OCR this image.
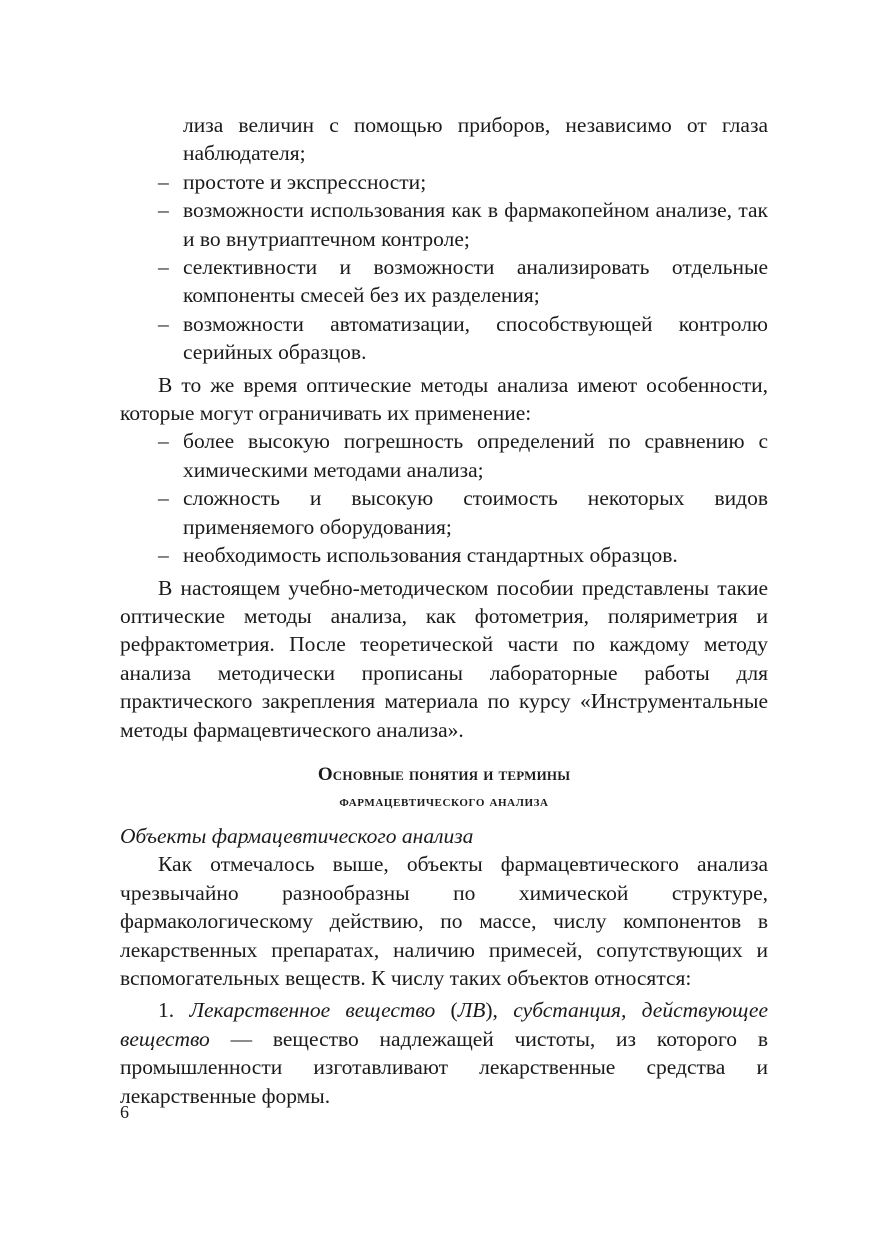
лиза величин с помощью приборов, независимо от глаза наблюдателя;
– простоте и экспрессности;
– возможности использования как в фармакопейном анализе, так и во внутриаптечном контроле;
– селективности и возможности анализировать отдельные компоненты смесей без их разделения;
– возможности автоматизации, способствующей контролю серийных образцов.

В то же время оптические методы анализа имеют особенности, которые могут ограничивать их применение:

– более высокую погрешность определений по сравнению с химическими методами анализа;
– сложность и высокую стоимость некоторых видов применяемого оборудования;
– необходимость использования стандартных образцов.

В настоящем учебно-методическом пособии представлены такие оптические методы анализа, как фотометрия, поляриметрия и рефрактометрия. После теоретической части по каждому методу анализа методически прописаны лабораторные работы для практического закрепления материала по курсу «Инструментальные методы фармацевтического анализа».

Основные понятия и термины

фармацевтического анализа

Объекты фармацевтического анализа

Как отмечалось выше, объекты фармацевтического анализа чрезвычайно разнообразны по химической структуре, фармакологическому действию, по массе, числу компонентов в лекарственных препаратах, наличию примесей, сопутствующих и вспомогательных веществ. К числу таких объектов относятся:

1. Лекарственное вещество (ЛВ), субстанция, действующее вещество — вещество надлежащей чистоты, из которого в промышленности изготавливают лекарственные средства и лекарственные формы.

6
